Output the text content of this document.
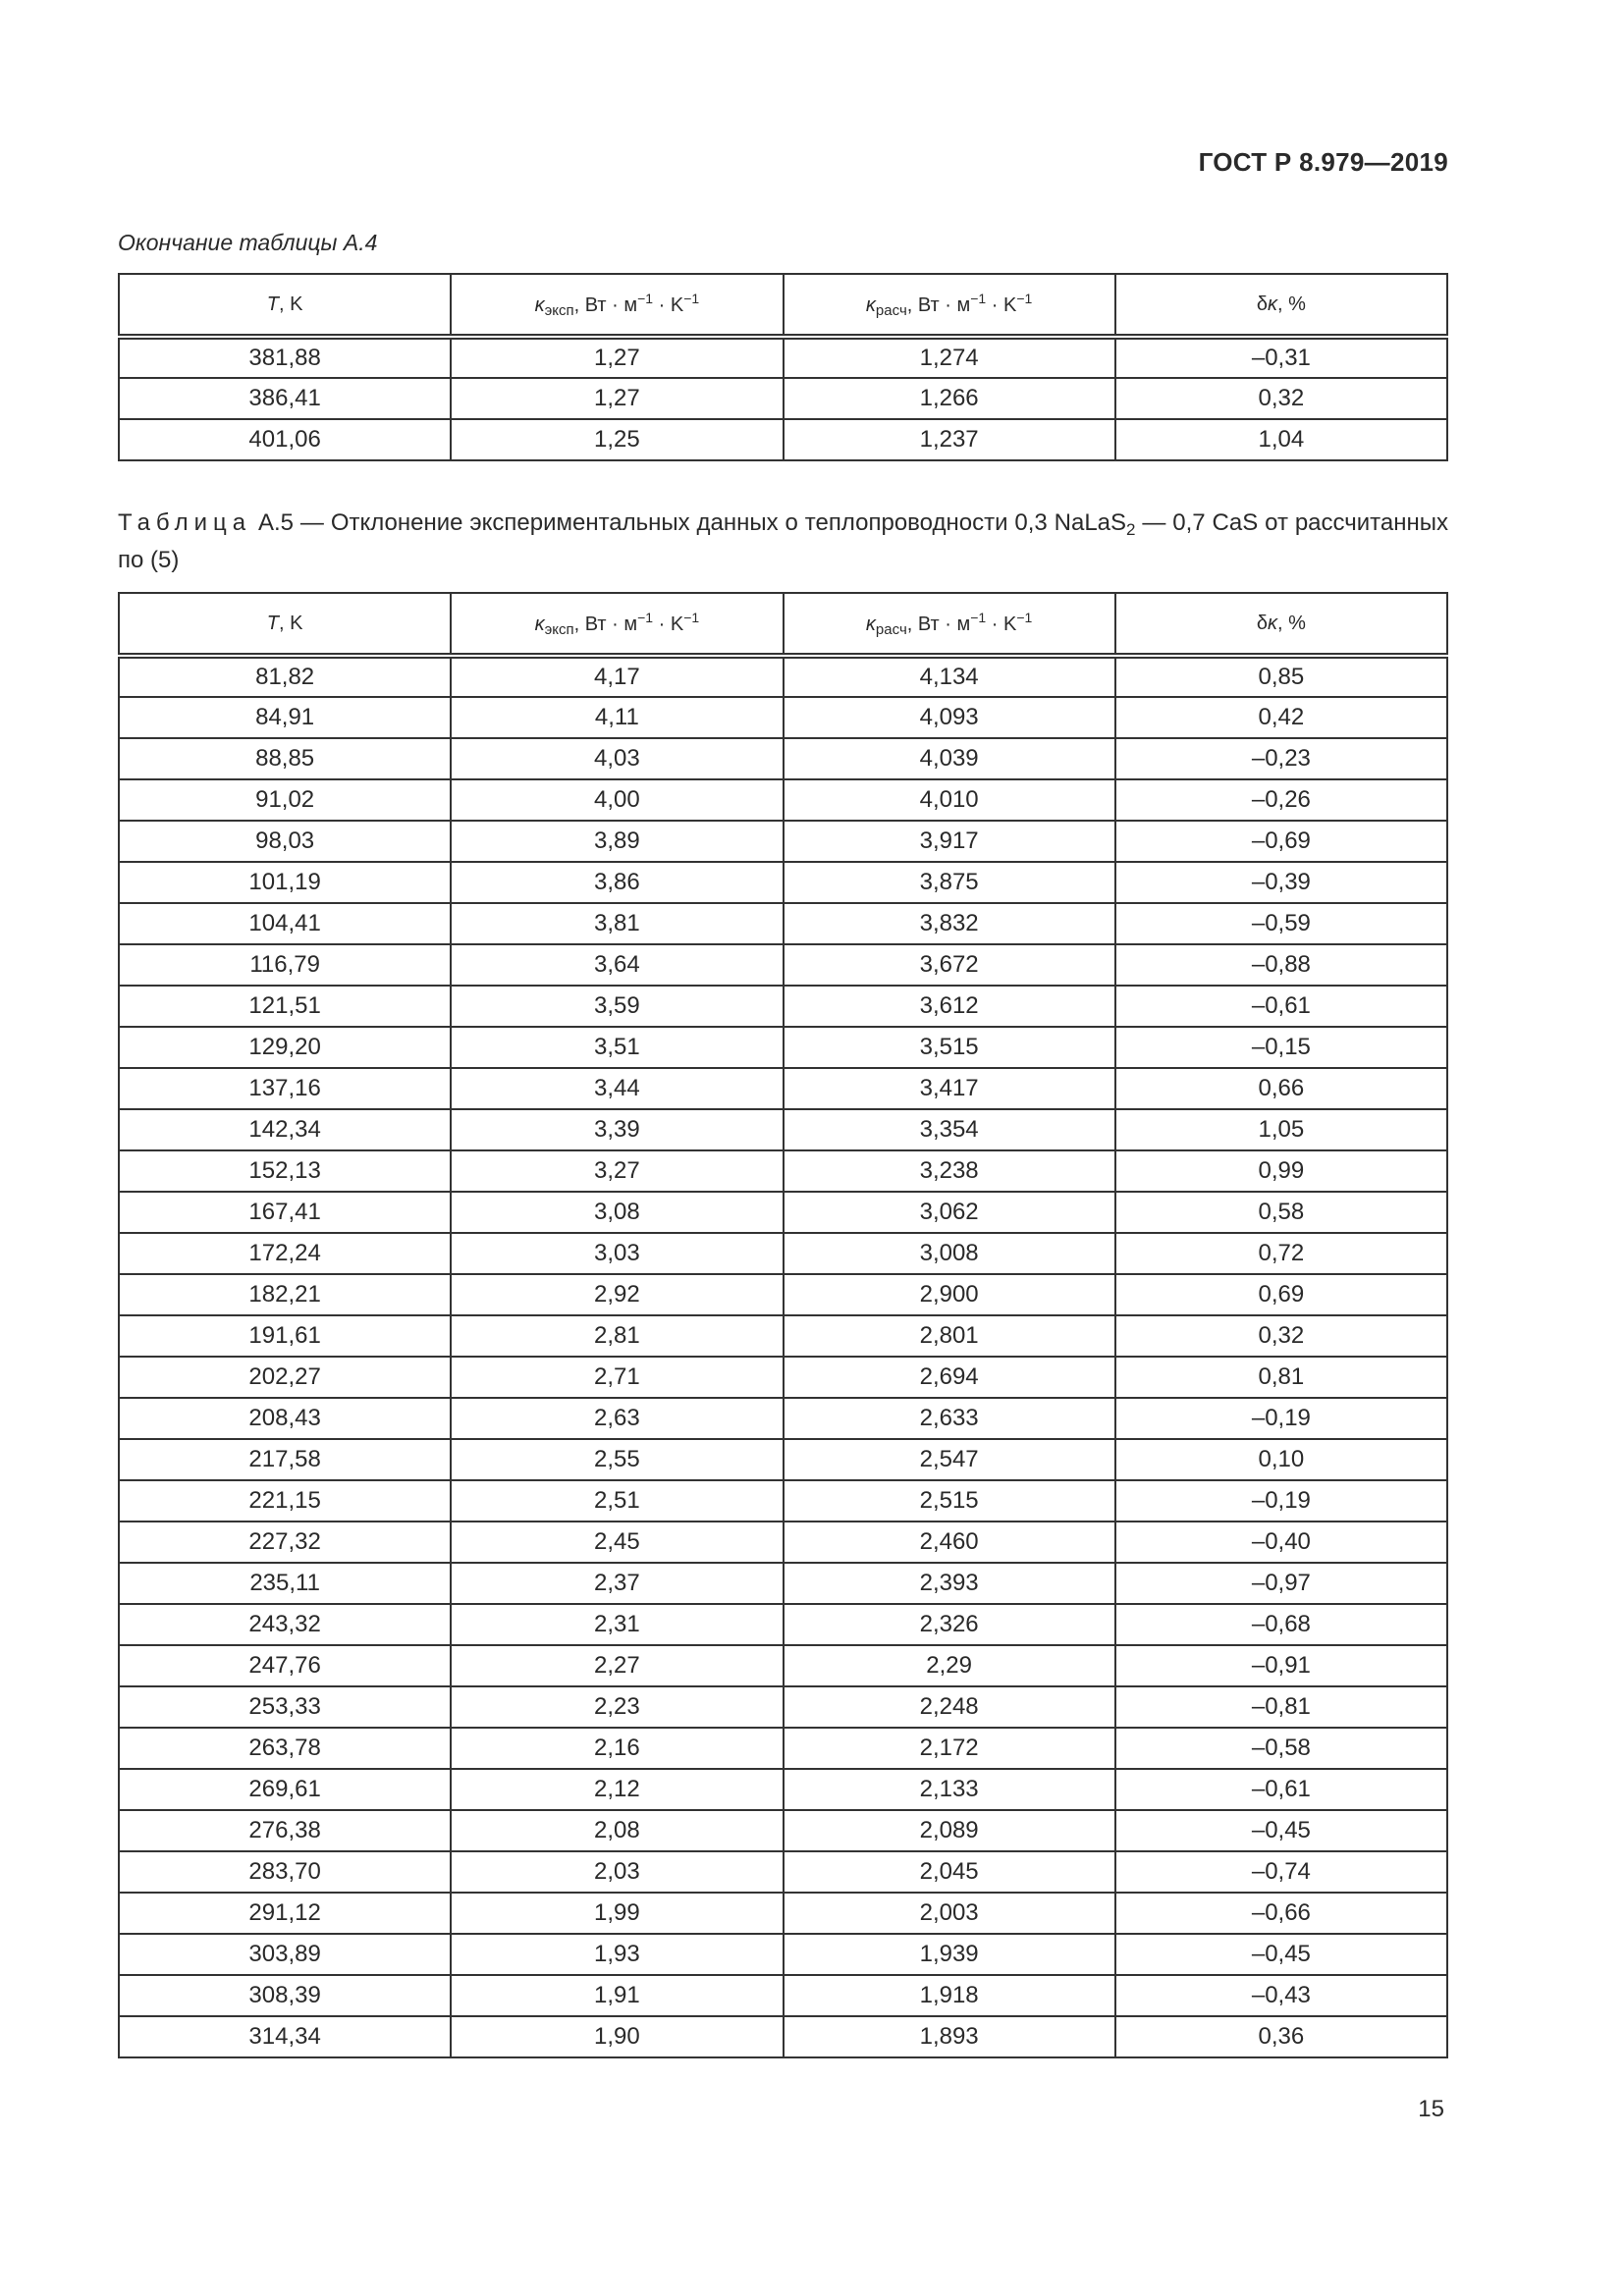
ГОСТ Р 8.979—2019
Окончание таблицы А.4
T, K	$\kappa_{эксп}$, Вт · $м^{-1} \cdot K^{-1}$	$\kappa_{расч}$, Вт · $м^{-1} \cdot K^{-1}$	δκ, %
381,88	1,27	1,274	–0,31
386,41	1,27	1,266	0,32
401,06	1,25	1,237	1,04
Таблица А.5 — Отклонение экспериментальных данных о теплопроводности 0,3 NaLaS$_2$ — 0,7 CaS от рассчитанных по (5)
T, K	$\kappa_{эксп}$, Вт · $м^{-1} \cdot K^{-1}$	$\kappa_{расч}$, Вт · $м^{-1} \cdot K^{-1}$	δκ, %
81,82	4,17	4,134	0,85
84,91	4,11	4,093	0,42
88,85	4,03	4,039	–0,23
91,02	4,00	4,010	–0,26
98,03	3,89	3,917	–0,69
101,19	3,86	3,875	–0,39
104,41	3,81	3,832	–0,59
116,79	3,64	3,672	–0,88
121,51	3,59	3,612	–0,61
129,20	3,51	3,515	–0,15
137,16	3,44	3,417	0,66
142,34	3,39	3,354	1,05
152,13	3,27	3,238	0,99
167,41	3,08	3,062	0,58
172,24	3,03	3,008	0,72
182,21	2,92	2,900	0,69
191,61	2,81	2,801	0,32
202,27	2,71	2,694	0,81
208,43	2,63	2,633	–0,19
217,58	2,55	2,547	0,10
221,15	2,51	2,515	–0,19
227,32	2,45	2,460	–0,40
235,11	2,37	2,393	–0,97
243,32	2,31	2,326	–0,68
247,76	2,27	2,29	–0,91
253,33	2,23	2,248	–0,81
263,78	2,16	2,172	–0,58
269,61	2,12	2,133	–0,61
276,38	2,08	2,089	–0,45
283,70	2,03	2,045	–0,74
291,12	1,99	2,003	–0,66
303,89	1,93	1,939	–0,45
308,39	1,91	1,918	–0,43
314,34	1,90	1,893	0,36
15
